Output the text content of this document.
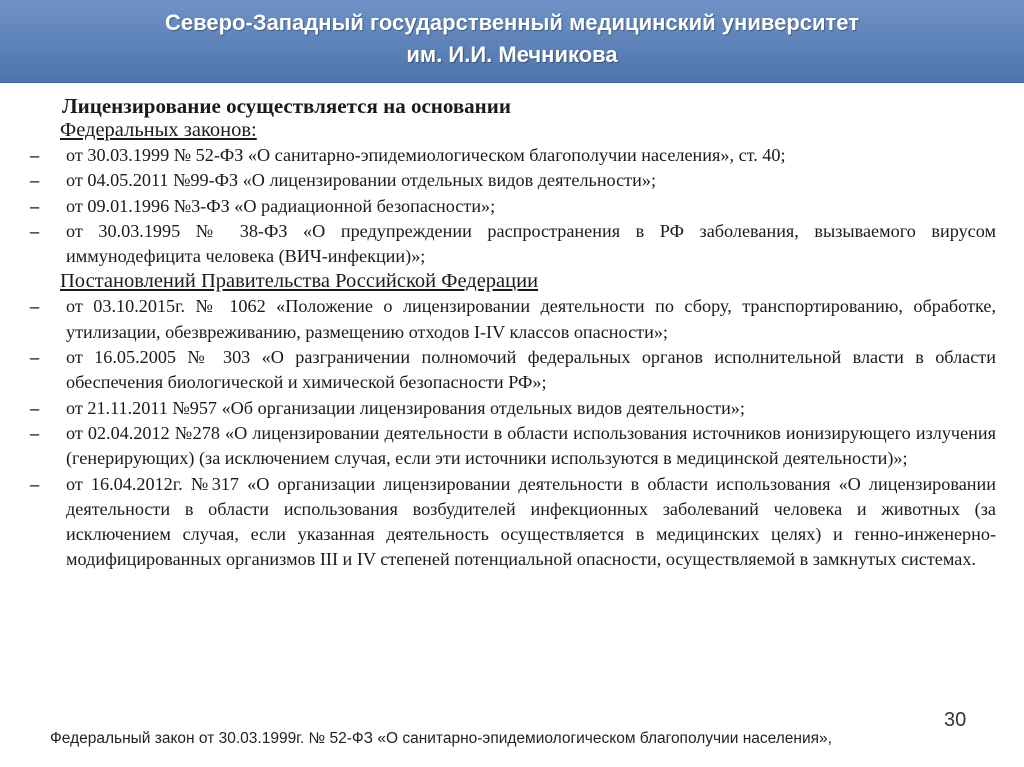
Северо-Западный государственный медицинский университет
им. И.И. Мечникова
Лицензирование осуществляется на основании
Федеральных законов:
– от 30.03.1999 № 52-ФЗ «О санитарно-эпидемиологическом благополучии населения», ст. 40;
– от 04.05.2011 №99-ФЗ «О лицензировании отдельных видов деятельности»;
– от 09.01.1996 №3-ФЗ «О радиационной безопасности»;
– от 30.03.1995 № 38-ФЗ «О предупреждении распространения в РФ заболевания, вызываемого вирусом иммунодефицита человека (ВИЧ-инфекции)»;
Постановлений Правительства Российской Федерации
– от 03.10.2015г. № 1062 «Положение о лицензировании деятельности по сбору, транспортированию, обработке, утилизации, обезвреживанию, размещению отходов I-IV классов опасности»;
– от 16.05.2005 № 303 «О разграничении полномочий федеральных органов исполнительной власти в области обеспечения биологической и химической безопасности РФ»;
– от 21.11.2011 №957 «Об организации лицензирования отдельных видов деятельности»;
– от 02.04.2012 №278 «О лицензировании деятельности в области использования источников ионизирующего излучения (генерирующих) (за исключением случая, если эти источники используются в медицинской деятельности)»;
– от 16.04.2012г. №317 «О организации лицензировании деятельности в области использования «О лицензировании деятельности в области использования возбудителей инфекционных заболеваний человека и животных (за исключением случая, если указанная деятельность осуществляется в медицинских целях) и генно-инженерно-модифицированных организмов III и IV степеней потенциальной опасности, осуществляемой в замкнутых системах.
30
Федеральный закон от 30.03.1999г. № 52-ФЗ «О санитарно-эпидемиологическом благополучии населения»,
